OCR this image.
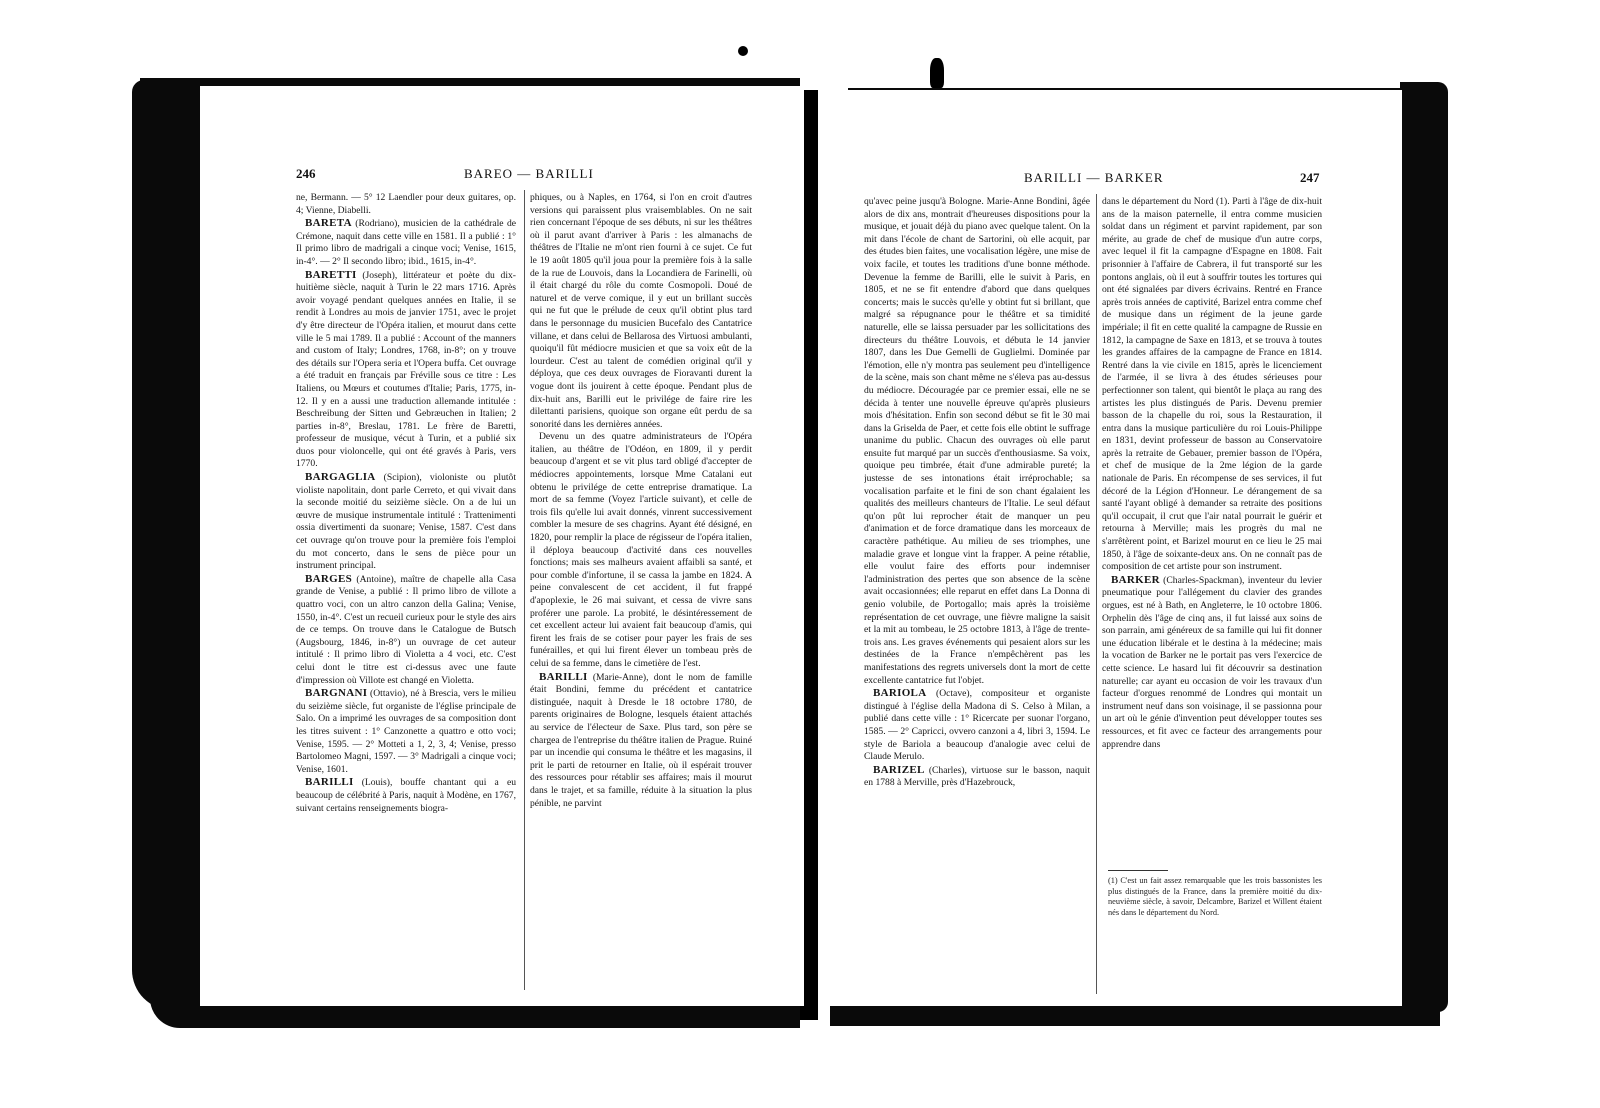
246	BAREO — BARILLI

ne, Bermann. — 5° 12 Laendler pour deux guitares, op. 4; Vienne, Diabelli.

BARETA (Rodriano), musicien de la cathédrale de Crémone, naquit dans cette ville en 1581. Il a publié : 1° Il primo libro de madrigali a cinque voci; Venise, 1615, in-4°. — 2° Il secondo libro; ibid., 1615, in-4°.

BARETTI (Joseph), littérateur et poète du dix-huitième siècle, naquit à Turin le 22 mars 1716. Après avoir voyagé pendant quelques années en Italie, il se rendit à Londres au mois de janvier 1751, avec le projet d'y être directeur de l'Opéra italien, et mourut dans cette ville le 5 mai 1789. Il a publié : Account of the manners and custom of Italy; Londres, 1768, in-8°; on y trouve des détails sur l'Opera seria et l'Opera buffa. Cet ouvrage a été traduit en français par Fréville sous ce titre : Les Italiens, ou Mœurs et coutumes d'Italie; Paris, 1775, in-12. Il y en a aussi une traduction allemande intitulée : Beschreibung der Sitten und Gebræuchen in Italien; 2 parties in-8°, Breslau, 1781. Le frère de Baretti, professeur de musique, vécut à Turin, et a publié six duos pour violoncelle, qui ont été gravés à Paris, vers 1770.

BARGAGLIA (Scipion), violoniste ou plutôt violiste napolitain, dont parle Cerreto, et qui vivait dans la seconde moitié du seizième siècle. On a de lui un œuvre de musique instrumentale intitulé : Trattenimenti ossia divertimenti da suonare; Venise, 1587. C'est dans cet ouvrage qu'on trouve pour la première fois l'emploi du mot concerto, dans le sens de pièce pour un instrument principal.

BARGES (Antoine), maître de chapelle alla Casa grande de Venise, a publié : Il primo libro de villote a quattro voci, con un altro canzon della Galina; Venise, 1550, in-4°. C'est un recueil curieux pour le style des airs de ce temps. On trouve dans le Catalogue de Butsch (Augsbourg, 1846, in-8°) un ouvrage de cet auteur intitulé : Il primo libro di Violetta a 4 voci, etc. C'est celui dont le titre est ci-dessus avec une faute d'impression où Villote est changé en Violetta.

BARGNANI (Ottavio), né à Brescia, vers le milieu du seizième siècle, fut organiste de l'église principale de Salo. On a imprimé les ouvrages de sa composition dont les titres suivent : 1° Canzonette a quattro e otto voci; Venise, 1595. — 2° Motteti a 1, 2, 3, 4; Venise, presso Bartolomeo Magni, 1597. — 3° Madrigali a cinque voci; Venise, 1601.

BARILLI (Louis), bouffe chantant qui a eu beaucoup de célébrité à Paris, naquit à Modène, en 1767, suivant certains renseignements biogra-

phiques, ou à Naples, en 1764, si l'on en croit d'autres versions qui paraissent plus vraisemblables. On ne sait rien concernant l'époque de ses débuts, ni sur les théâtres où il parut avant d'arriver à Paris : les almanachs de théâtres de l'Italie ne m'ont rien fourni à ce sujet. Ce fut le 19 août 1805 qu'il joua pour la première fois à la salle de la rue de Louvois, dans la Locandiera de Farinelli, où il était chargé du rôle du comte Cosmopoli. Doué de naturel et de verve comique, il y eut un brillant succès qui ne fut que le prélude de ceux qu'il obtint plus tard dans le personnage du musicien Bucefalo des Cantatrice villane, et dans celui de Bellarosa des Virtuosi ambulanti, quoiqu'il fût médiocre musicien et que sa voix eût de la lourdeur. C'est au talent de comédien original qu'il y déploya, que ces deux ouvrages de Fioravanti durent la vogue dont ils jouirent à cette époque. Pendant plus de dix-huit ans, Barilli eut le privilége de faire rire les dilettanti parisiens, quoique son organe eût perdu de sa sonorité dans les dernières années.

Devenu un des quatre administrateurs de l'Opéra italien, au théâtre de l'Odéon, en 1809, il y perdit beaucoup d'argent et se vit plus tard obligé d'accepter de médiocres appointements, lorsque Mme Catalani eut obtenu le privilége de cette entreprise dramatique. La mort de sa femme (Voyez l'article suivant), et celle de trois fils qu'elle lui avait donnés, vinrent successivement combler la mesure de ses chagrins. Ayant été désigné, en 1820, pour remplir la place de régisseur de l'opéra italien, il déploya beaucoup d'activité dans ces nouvelles fonctions; mais ses malheurs avaient affaibli sa santé, et pour comble d'infortune, il se cassa la jambe en 1824. A peine convalescent de cet accident, il fut frappé d'apoplexie, le 26 mai suivant, et cessa de vivre sans proférer une parole. La probité, le désintéressement de cet excellent acteur lui avaient fait beaucoup d'amis, qui firent les frais de se cotiser pour payer les frais de ses funérailles, et qui lui firent élever un tombeau près de celui de sa femme, dans le cimetière de l'est.

BARILLI (Marie-Anne), dont le nom de famille était Bondini, femme du précédent et cantatrice distinguée, naquit à Dresde le 18 octobre 1780, de parents originaires de Bologne, lesquels étaient attachés au service de l'électeur de Saxe. Plus tard, son père se chargea de l'entreprise du théâtre italien de Prague. Ruiné par un incendie qui consuma le théâtre et les magasins, il prit le parti de retourner en Italie, où il espérait trouver des ressources pour rétablir ses affaires; mais il mourut dans le trajet, et sa famille, réduite à la situation la plus pénible, ne parvint

BARILLI — BARKER	247

qu'avec peine jusqu'à Bologne. Marie-Anne Bondini, âgée alors de dix ans, montrait d'heureuses dispositions pour la musique, et jouait déjà du piano avec quelque talent. On la mit dans l'école de chant de Sartorini, où elle acquit, par des études bien faites, une vocalisation légère, une mise de voix facile, et toutes les traditions d'une bonne méthode. Devenue la femme de Barilli, elle le suivit à Paris, en 1805, et ne se fit entendre d'abord que dans quelques concerts; mais le succès qu'elle y obtint fut si brillant, que malgré sa répugnance pour le théâtre et sa timidité naturelle, elle se laissa persuader par les sollicitations des directeurs du théâtre Louvois, et débuta le 14 janvier 1807, dans les Due Gemelli de Guglielmi. Dominée par l'émotion, elle n'y montra pas seulement peu d'intelligence de la scène, mais son chant même ne s'éleva pas au-dessus du médiocre. Découragée par ce premier essai, elle ne se décida à tenter une nouvelle épreuve qu'après plusieurs mois d'hésitation. Enfin son second début se fit le 30 mai dans la Griselda de Paer, et cette fois elle obtint le suffrage unanime du public. Chacun des ouvrages où elle parut ensuite fut marqué par un succès d'enthousiasme. Sa voix, quoique peu timbrée, était d'une admirable pureté; la justesse de ses intonations était irréprochable; sa vocalisation parfaite et le fini de son chant égalaient les qualités des meilleurs chanteurs de l'Italie. Le seul défaut qu'on pût lui reprocher était de manquer un peu d'animation et de force dramatique dans les morceaux de caractère pathétique. Au milieu de ses triomphes, une maladie grave et longue vint la frapper. A peine rétablie, elle voulut faire des efforts pour indemniser l'administration des pertes que son absence de la scène avait occasionnées; elle reparut en effet dans La Donna di genio volubile, de Portogallo; mais après la troisième représentation de cet ouvrage, une fièvre maligne la saisit et la mit au tombeau, le 25 octobre 1813, à l'âge de trente-trois ans. Les graves événements qui pesaient alors sur les destinées de la France n'empêchèrent pas les manifestations des regrets universels dont la mort de cette excellente cantatrice fut l'objet.

BARIOLA (Octave), compositeur et organiste distingué à l'église della Madona di S. Celso à Milan, a publié dans cette ville : 1° Ricercate per suonar l'organo, 1585. — 2° Capricci, ovvero canzoni a 4, libri 3, 1594. Le style de Bariola a beaucoup d'analogie avec celui de Claude Merulo.

BARIZEL (Charles), virtuose sur le basson, naquit en 1788 à Merville, près d'Hazebrouck,

dans le département du Nord (1). Parti à l'âge de dix-huit ans de la maison paternelle, il entra comme musicien soldat dans un régiment et parvint rapidement, par son mérite, au grade de chef de musique d'un autre corps, avec lequel il fit la campagne d'Espagne en 1808. Fait prisonnier à l'affaire de Cabrera, il fut transporté sur les pontons anglais, où il eut à souffrir toutes les tortures qui ont été signalées par divers écrivains. Rentré en France après trois années de captivité, Barizel entra comme chef de musique dans un régiment de la jeune garde impériale; il fit en cette qualité la campagne de Russie en 1812, la campagne de Saxe en 1813, et se trouva à toutes les grandes affaires de la campagne de France en 1814. Rentré dans la vie civile en 1815, après le licenciement de l'armée, il se livra à des études sérieuses pour perfectionner son talent, qui bientôt le plaça au rang des artistes les plus distingués de Paris. Devenu premier basson de la chapelle du roi, sous la Restauration, il entra dans la musique particulière du roi Louis-Philippe en 1831, devint professeur de basson au Conservatoire après la retraite de Gebauer, premier basson de l'Opéra, et chef de musique de la 2me légion de la garde nationale de Paris. En récompense de ses services, il fut décoré de la Légion d'Honneur. Le dérangement de sa santé l'ayant obligé à demander sa retraite des positions qu'il occupait, il crut que l'air natal pourrait le guérir et retourna à Merville; mais les progrès du mal ne s'arrêtèrent point, et Barizel mourut en ce lieu le 25 mai 1850, à l'âge de soixante-deux ans. On ne connaît pas de composition de cet artiste pour son instrument.

BARKER (Charles-Spackman), inventeur du levier pneumatique pour l'allégement du clavier des grandes orgues, est né à Bath, en Angleterre, le 10 octobre 1806. Orphelin dès l'âge de cinq ans, il fut laissé aux soins de son parrain, ami généreux de sa famille qui lui fit donner une éducation libérale et le destina à la médecine; mais la vocation de Barker ne le portait pas vers l'exercice de cette science. Le hasard lui fit découvrir sa destination naturelle; car ayant eu occasion de voir les travaux d'un facteur d'orgues renommé de Londres qui montait un instrument neuf dans son voisinage, il se passionna pour un art où le génie d'invention peut développer toutes ses ressources, et fit avec ce facteur des arrangements pour apprendre dans

(1) C'est un fait assez remarquable que les trois bassonistes les plus distingués de la France, dans la première moitié du dix-neuvième siècle, à savoir, Delcambre, Barizel et Willent étaient nés dans le département du Nord.
